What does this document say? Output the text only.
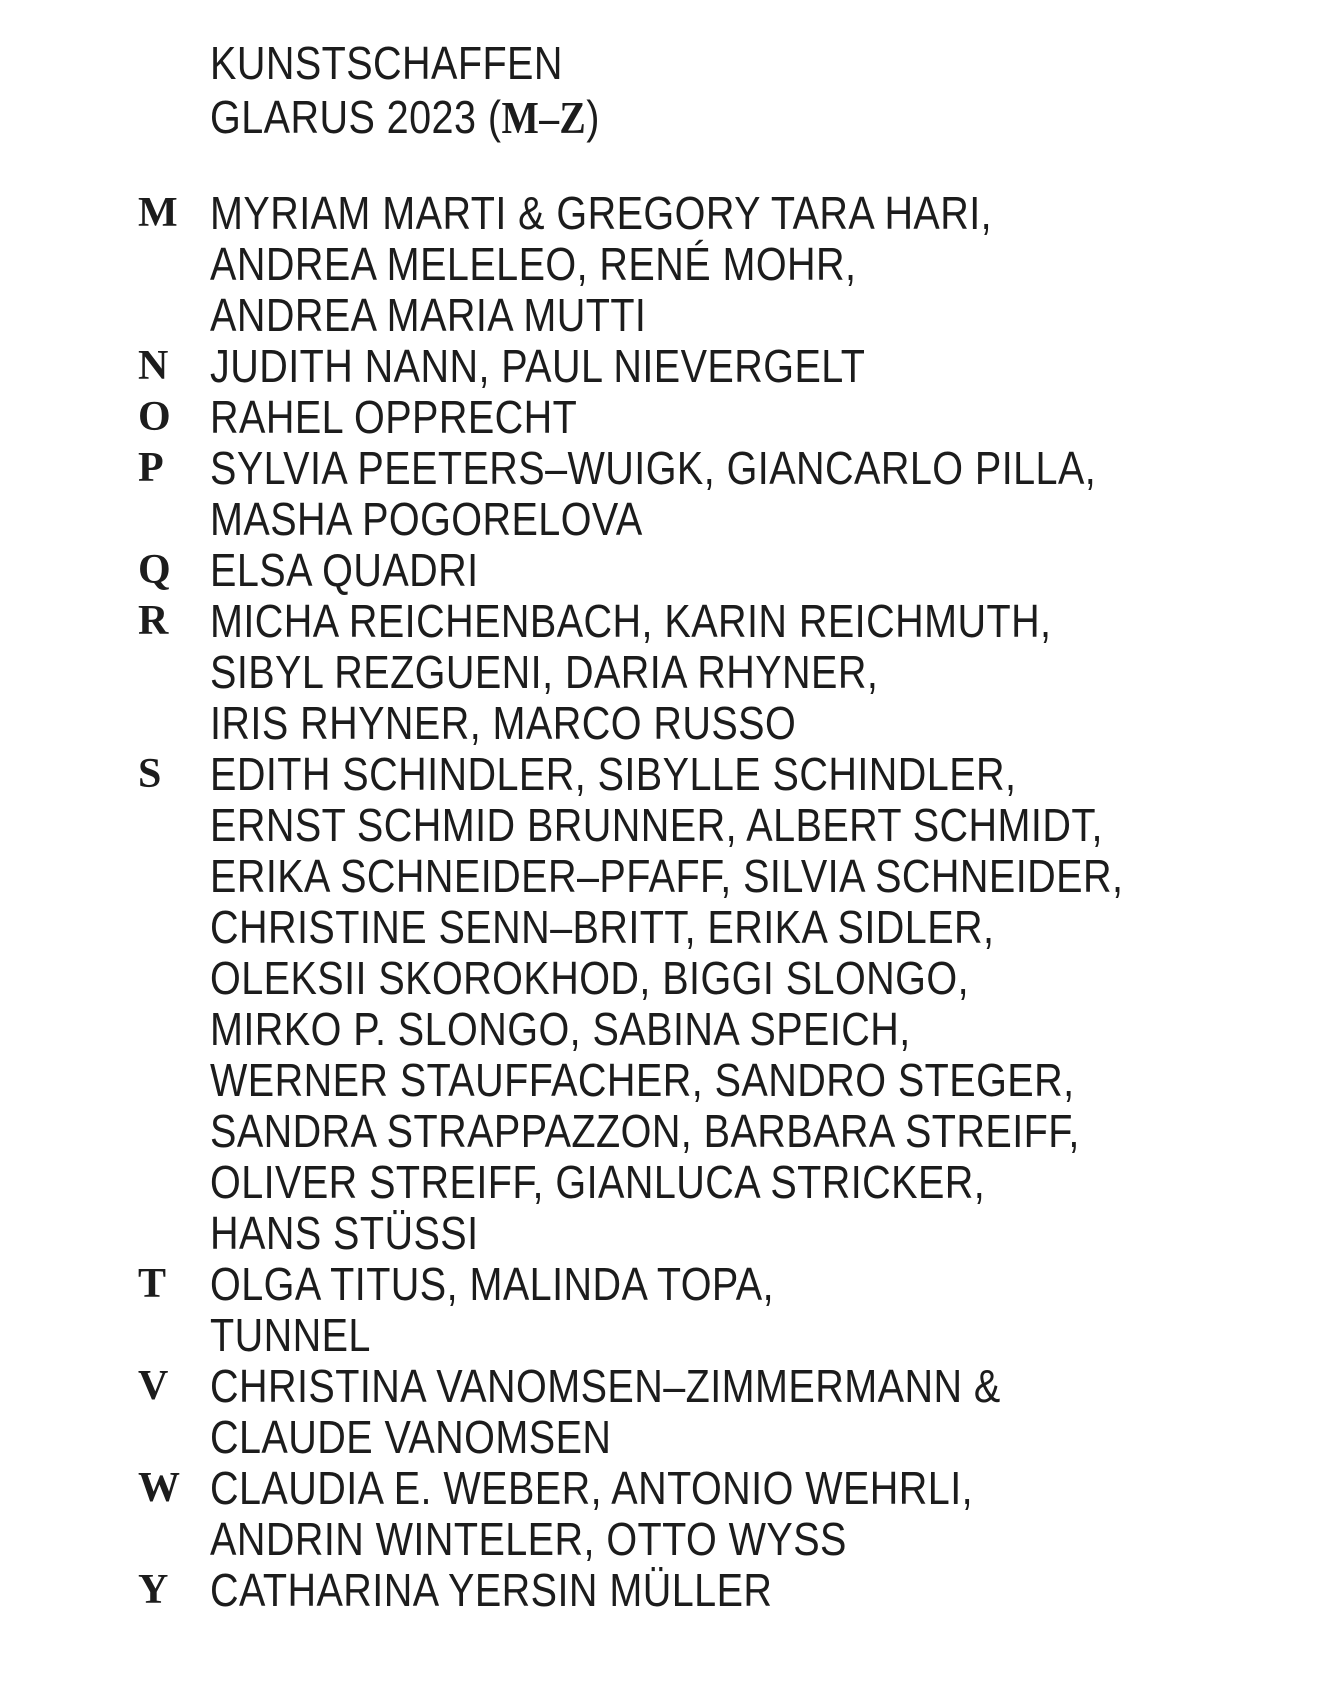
KUNSTSCHAFFEN
GLARUS 2023 (M–Z)
M MYRIAM MARTI & GREGORY TARA HARI,
ANDREA MELELEO, RENÉ MOHR,
ANDREA MARIA MUTTI
N JUDITH NANN, PAUL NIEVERGELT
O RAHEL OPPRECHT
P	SYLVIA PEETERS–WUIGK, GIANCARLO PILLA,
MASHA POGORELOVA
Q ELSA QUADRI
R MICHA REICHENBACH, KARIN REICHMUTH,
SIBYL REZGUENI, DARIA RHYNER,
IRIS RHYNER, MARCO RUSSO
S	EDITH SCHINDLER, SIBYLLE SCHINDLER,
ERNST SCHMID BRUNNER, ALBERT SCHMIDT,
ERIKA SCHNEIDER–PFAFF, SILVIA SCHNEIDER,
CHRISTINE SENN–BRITT, ERIKA SIDLER,
OLEKSII SKOROKHOD, BIGGI SLONGO,
MIRKO P. SLONGO, SABINA SPEICH,
WERNER STAUFFACHER, SANDRO STEGER,
SANDRA STRAPPAZZON, BARBARA STREIFF,
OLIVER STREIFF, GIANLUCA STRICKER,
HANS STÜSSI
T OLGA TITUS, MALINDA TOPA,
TUNNEL
V CHRISTINA VANOMSEN–ZIMMERMANN &
CLAUDE VANOMSEN
W CLAUDIA E. WEBER, ANTONIO WEHRLI,
ANDRIN WINTELER, OTTO WYSS
Y CATHARINA YERSIN MÜLLER
